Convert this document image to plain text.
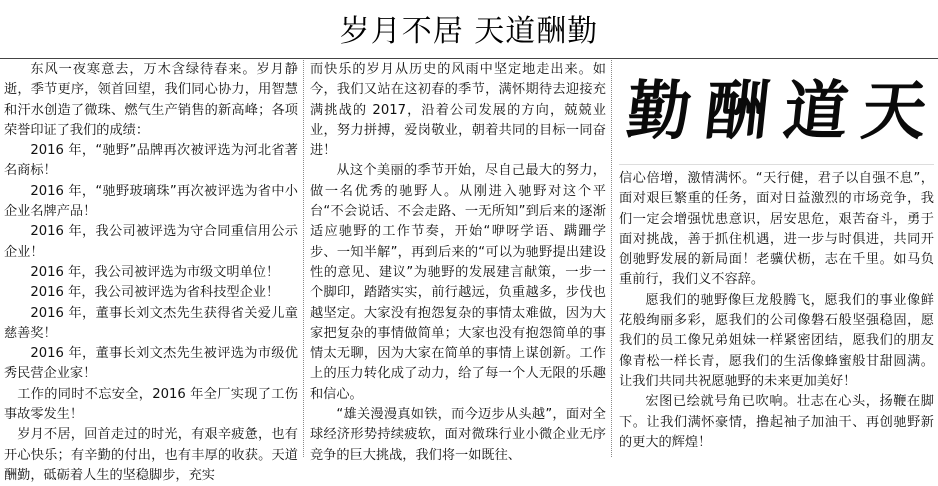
岁月不居 天道酬勤

东风一夜寒意去，万木含绿待春来。岁月静逝，季节更序，领首回望，我们同心协力，用智慧和汗水创造了微珠、燃气生产销售的新高峰；各项荣誉印证了我们的成绩：

2016 年，“驰野”品牌再次被评选为河北省著名商标！

2016 年，“驰野玻璃珠”再次被评选为省中小企业名牌产品！

2016 年，我公司被评选为守合同重信用公示企业！

2016 年，我公司被评选为市级文明单位！

2016 年，我公司被评选为省科技型企业！

2016 年，董事长刘文杰先生获得省关爱儿童慈善奖！

2016 年，董事长刘文杰先生被评选为市级优秀民营企业家！

工作的同时不忘安全，2016 年全厂实现了工伤事故零发生！

岁月不居，回首走过的时光，有艰辛疲惫，也有开心快乐；有辛勤的付出，也有丰厚的收获。天道酬勤，砥砺着人生的坚稳脚步，充实

而快乐的岁月从历史的风雨中坚定地走出来。如今，我们又站在这初春的季节，满怀期待去迎接充满挑战的 2017，沿着公司发展的方向，兢兢业业，努力拼搏，爱岗敬业，朝着共同的目标一同奋进！

从这个美丽的季节开始，尽自己最大的努力，做一名优秀的驰野人。从刚进入驰野对这个平台“不会说话、不会走路、一无所知”到后来的逐渐适应驰野的工作节奏，开始“咿呀学语、蹒跚学步、一知半解”，再到后来的“可以为驰野提出建设性的意见、建议”为驰野的发展建言献策，一步一个脚印，踏踏实实，前行越远，负重越多，步伐也越坚定。大家没有抱怨复杂的事情太难做，因为大家把复杂的事情做简单；大家也没有抱怨简单的事情太无聊，因为大家在简单的事情上谋创新。工作上的压力转化成了动力，给了每一个人无限的乐趣和信心。

“雄关漫漫真如铁，而今迈步从头越”，面对全球经济形势持续疲软，面对微珠行业小微企业无序竞争的巨大挑战，我们将一如既往、

勤 酬 道 天

信心倍增，激情满怀。“天行健，君子以自强不息”，面对艰巨繁重的任务，面对日益激烈的市场竞争，我们一定会增强忧患意识，居安思危，艰苦奋斗，勇于面对挑战，善于抓住机遇，进一步与时俱进，共同开创驰野发展的新局面！老骥伏枥，志在千里。如马负重前行，我们义不容辞。

愿我们的驰野像巨龙般腾飞，愿我们的事业像鲜花般绚丽多彩，愿我们的公司像磐石般坚强稳固，愿我们的员工像兄弟姐妹一样紧密团结，愿我们的朋友像青松一样长青，愿我们的生活像蜂蜜般甘甜圆满。让我们共同共祝愿驰野的未来更加美好！

宏图已绘就号角已吹响。壮志在心头，扬鞭在脚下。让我们满怀豪情，撸起袖子加油干、再创驰野新的更大的辉煌！
